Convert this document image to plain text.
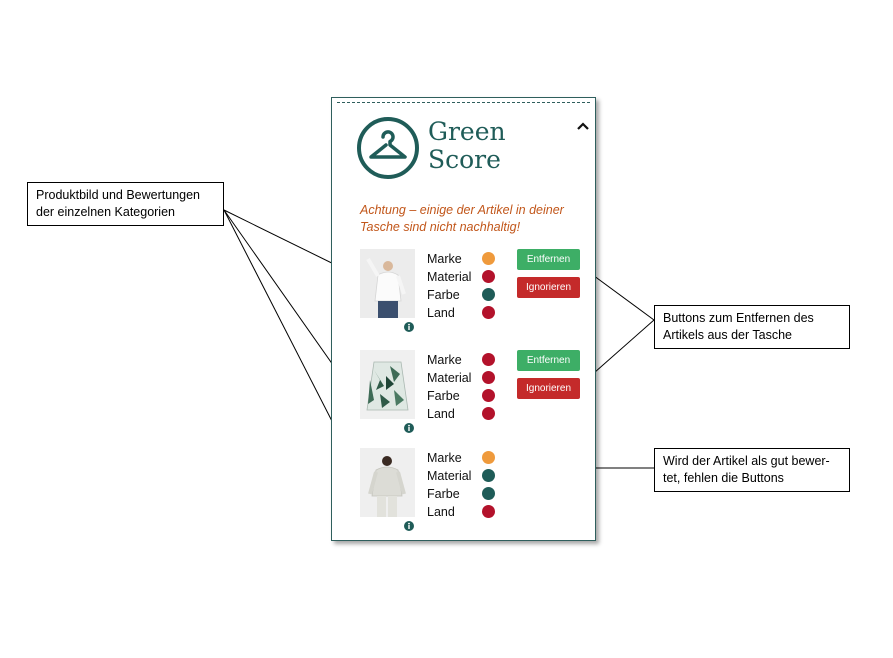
Produktbild und Bewertungen
der einzelnen Kategorien
Buttons zum Entfernen des
Artikels aus der Tasche
Wird der Artikel als gut bewer-
tet, fehlen die Buttons
Green
Score
Achtung – einige der Artikel in deiner Tasche sind nicht nachhaltig!
Marke
Material
Farbe
Land
Entfernen
Ignorieren
Marke
Material
Farbe
Land
Entfernen
Ignorieren
Marke
Material
Farbe
Land
